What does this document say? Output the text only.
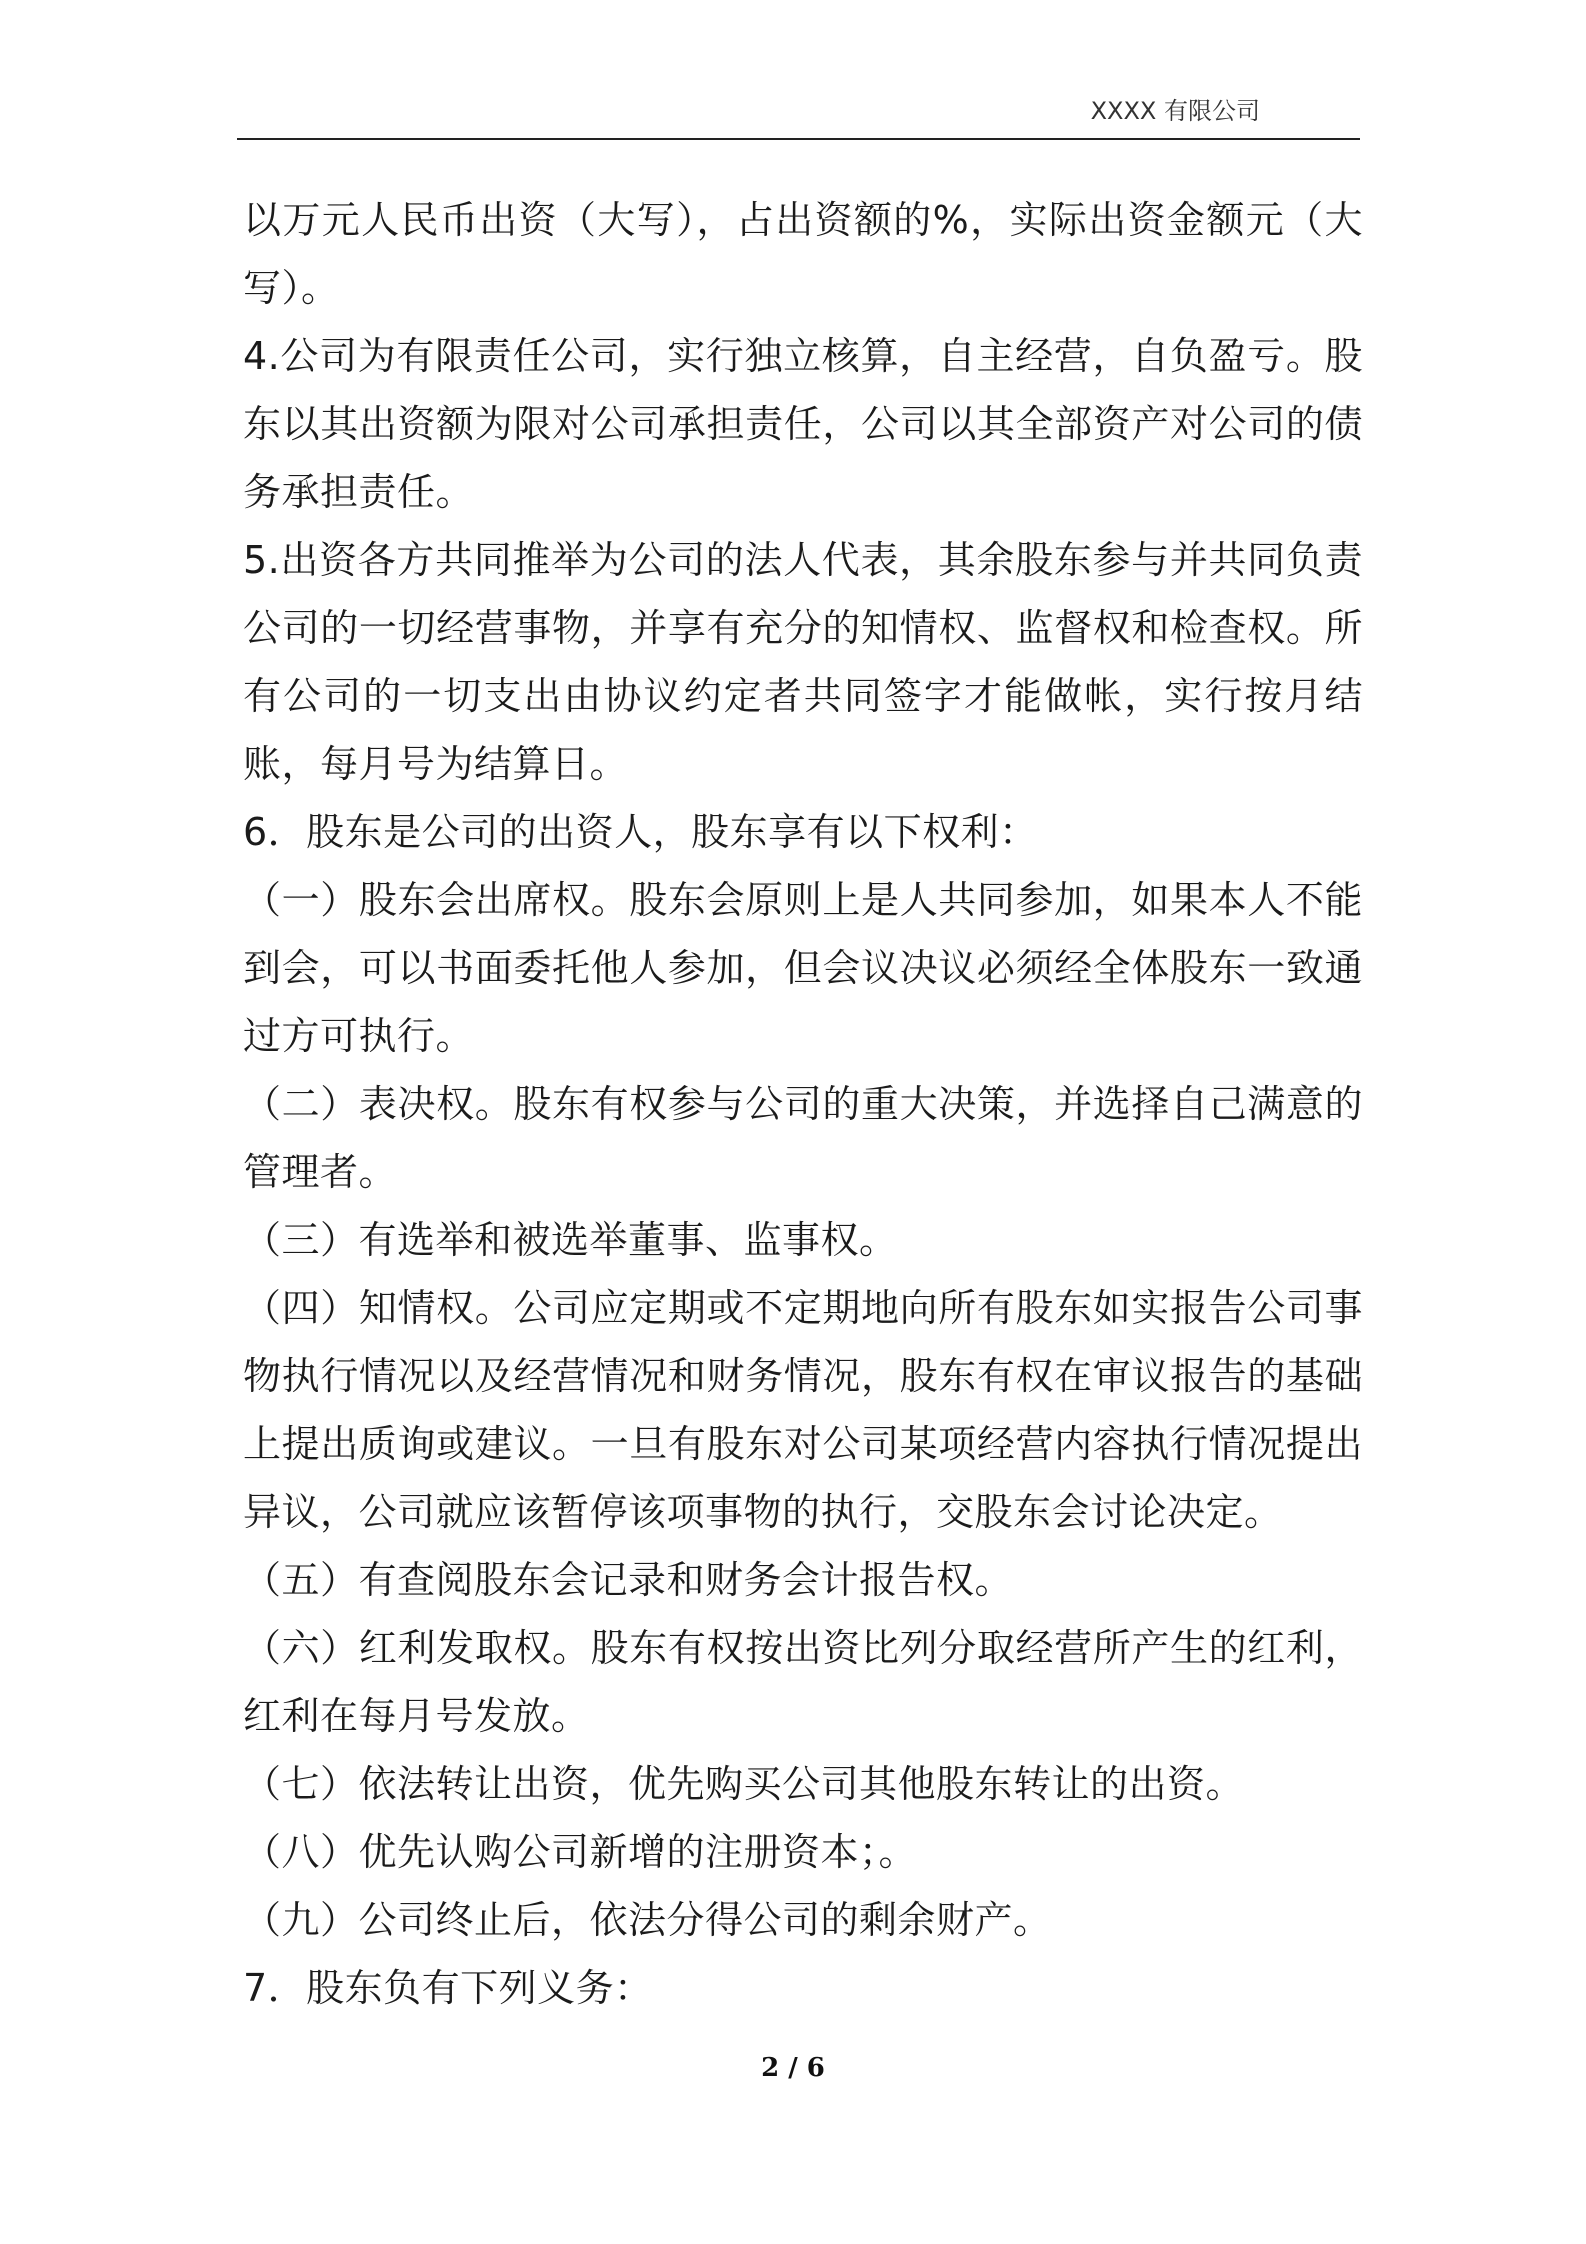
XXXX 有限公司

以万元人民币出资（大写），占出资额的%，实际出资金额元（大写）。

4.公司为有限责任公司，实行独立核算，自主经营，自负盈亏。股东以其出资额为限对公司承担责任，公司以其全部资产对公司的债务承担责任。

5.出资各方共同推举为公司的法人代表，其余股东参与并共同负责公司的一切经营事物，并享有充分的知情权、监督权和检查权。所有公司的一切支出由协议约定者共同签字才能做帐，实行按月结账，每月号为结算日。

6．股东是公司的出资人，股东享有以下权利：

（一）股东会出席权。股东会原则上是人共同参加，如果本人不能到会，可以书面委托他人参加，但会议决议必须经全体股东一致通过方可执行。

（二）表决权。股东有权参与公司的重大决策，并选择自己满意的管理者。

（三）有选举和被选举董事、监事权。

（四）知情权。公司应定期或不定期地向所有股东如实报告公司事物执行情况以及经营情况和财务情况，股东有权在审议报告的基础上提出质询或建议。一旦有股东对公司某项经营内容执行情况提出异议，公司就应该暂停该项事物的执行，交股东会讨论决定。

（五）有查阅股东会记录和财务会计报告权。

（六）红利发取权。股东有权按出资比列分取经营所产生的红利，红利在每月号发放。

（七）依法转让出资，优先购买公司其他股东转让的出资。

（八）优先认购公司新增的注册资本；。

（九）公司终止后，依法分得公司的剩余财产。

7．股东负有下列义务：

2 / 6
